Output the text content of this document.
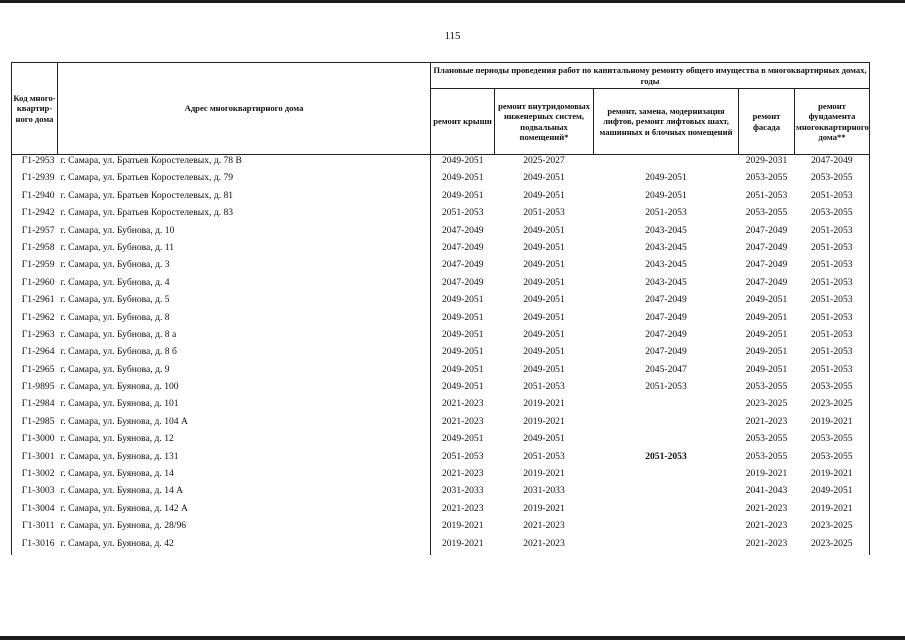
115
Код много-квартир-ного дома	Адрес многоквартирного дома	Плановые периоды проведения работ по капитальному ремонту общего имущества в многоквартирных домах, годы				
		ремонт крыши	ремонт внутридомовых инженерных систем, подвальных помещений*	ремонт, замена, модернизация лифтов, ремонт лифтовых шахт, машинных и блочных помещений	ремонт фасада	ремонт фундамента многоквартирного дома**
Г1-2953	г. Самара, ул. Братьев Коростелевых, д. 78 В	2049-2051	2025-2027		2029-2031	2047-2049
Г1-2939	г. Самара, ул. Братьев Коростелевых, д. 79	2049-2051	2049-2051	2049-2051	2053-2055	2053-2055
Г1-2940	г. Самара, ул. Братьев Коростелевых, д. 81	2049-2051	2049-2051	2049-2051	2051-2053	2051-2053
Г1-2942	г. Самара, ул. Братьев Коростелевых, д. 83	2051-2053	2051-2053	2051-2053	2053-2055	2053-2055
Г1-2957	г. Самара, ул. Бубнова, д. 10	2047-2049	2049-2051	2043-2045	2047-2049	2051-2053
Г1-2958	г. Самара, ул. Бубнова, д. 11	2047-2049	2049-2051	2043-2045	2047-2049	2051-2053
Г1-2959	г. Самара, ул. Бубнова, д. 3	2047-2049	2049-2051	2043-2045	2047-2049	2051-2053
Г1-2960	г. Самара, ул. Бубнова, д. 4	2047-2049	2049-2051	2043-2045	2047-2049	2051-2053
Г1-2961	г. Самара, ул. Бубнова, д. 5	2049-2051	2049-2051	2047-2049	2049-2051	2051-2053
Г1-2962	г. Самара, ул. Бубнова, д. 8	2049-2051	2049-2051	2047-2049	2049-2051	2051-2053
Г1-2963	г. Самара, ул. Бубнова, д. 8 а	2049-2051	2049-2051	2047-2049	2049-2051	2051-2053
Г1-2964	г. Самара, ул. Бубнова, д. 8 б	2049-2051	2049-2051	2047-2049	2049-2051	2051-2053
Г1-2965	г. Самара, ул. Бубнова, д. 9	2049-2051	2049-2051	2045-2047	2049-2051	2051-2053
Г1-9895	г. Самара, ул. Буянова, д. 100	2049-2051	2051-2053	2051-2053	2053-2055	2053-2055
Г1-2984	г. Самара, ул. Буянова, д. 101	2021-2023	2019-2021		2023-2025	2023-2025
Г1-2985	г. Самара, ул. Буянова, д. 104 А	2021-2023	2019-2021		2021-2023	2019-2021
Г1-3000	г. Самара, ул. Буянова, д. 12	2049-2051	2049-2051		2053-2055	2053-2055
Г1-3001	г. Самара, ул. Буянова, д. 131	2051-2053	2051-2053	2051-2053	2053-2055	2053-2055
Г1-3002	г. Самара, ул. Буянова, д. 14	2021-2023	2019-2021		2019-2021	2019-2021
Г1-3003	г. Самара, ул. Буянова, д. 14 А	2031-2033	2031-2033		2041-2043	2049-2051
Г1-3004	г. Самара, ул. Буянова, д. 142 А	2021-2023	2019-2021		2021-2023	2019-2021
Г1-3011	г. Самара, ул. Буянова, д. 28/96	2019-2021	2021-2023		2021-2023	2023-2025
Г1-3016	г. Самара, ул. Буянова, д. 42	2019-2021	2021-2023		2021-2023	2023-2025
